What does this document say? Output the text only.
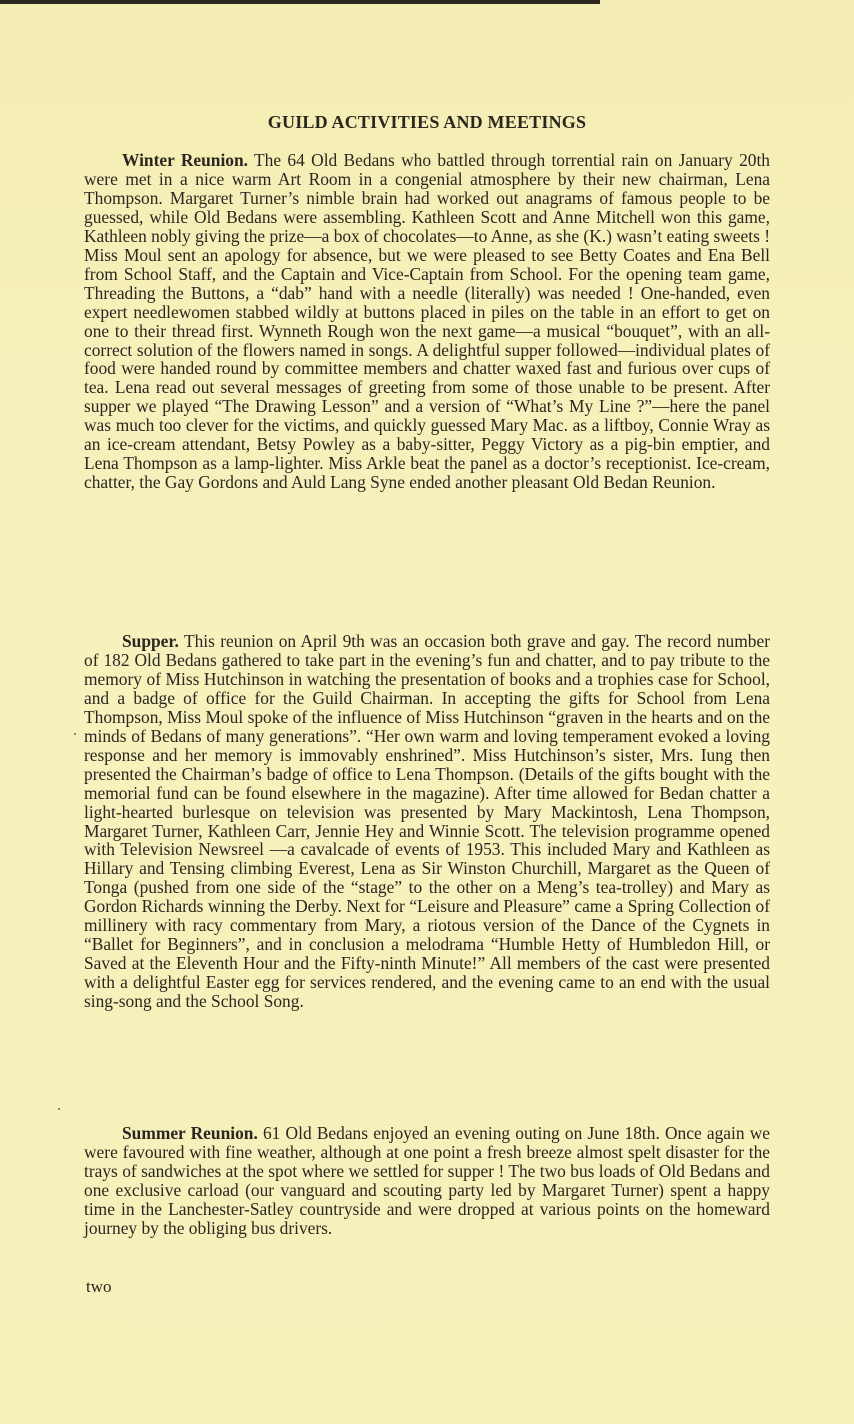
GUILD ACTIVITIES AND MEETINGS
Winter Reunion. The 64 Old Bedans who battled through torrential rain on January 20th were met in a nice warm Art Room in a congenial atmosphere by their new chairman, Lena Thompson. Margaret Turner’s nimble brain had worked out anagrams of famous people to be guessed, while Old Bedans were assembling. Kathleen Scott and Anne Mitchell won this game, Kathleen nobly giving the prize—a box of chocolates—to Anne, as she (K.) wasn’t eating sweets ! Miss Moul sent an apology for absence, but we were pleased to see Betty Coates and Ena Bell from School Staff, and the Captain and Vice-Captain from School. For the opening team game, Threading the Buttons, a “dab” hand with a needle (literally) was needed ! One-handed, even expert needlewomen stabbed wildly at buttons placed in piles on the table in an effort to get on one to their thread first. Wynneth Rough won the next game—a musical “bouquet”, with an all-correct solution of the flowers named in songs. A delightful supper followed—individual plates of food were handed round by committee members and chatter waxed fast and furious over cups of tea. Lena read out several messages of greeting from some of those unable to be present. After supper we played “The Drawing Lesson” and a version of “What’s My Line ?”—here the panel was much too clever for the victims, and quickly guessed Mary Mac. as a liftboy, Connie Wray as an ice-cream attendant, Betsy Powley as a baby-sitter, Peggy Victory as a pig-bin emptier, and Lena Thompson as a lamp-lighter. Miss Arkle beat the panel as a doctor’s receptionist. Ice-cream, chatter, the Gay Gordons and Auld Lang Syne ended another pleasant Old Bedan Reunion.
Supper. This reunion on April 9th was an occasion both grave and gay. The record number of 182 Old Bedans gathered to take part in the evening’s fun and chatter, and to pay tribute to the memory of Miss Hutchinson in watching the presentation of books and a trophies case for School, and a badge of office for the Guild Chairman. In accepting the gifts for School from Lena Thompson, Miss Moul spoke of the influence of Miss Hutchinson “graven in the hearts and on the minds of Bedans of many generations”. “Her own warm and loving temperament evoked a loving response and her memory is immovably enshrined”. Miss Hutchinson’s sister, Mrs. Iung then presented the Chairman’s badge of office to Lena Thompson. (Details of the gifts bought with the memorial fund can be found elsewhere in the magazine). After time allowed for Bedan chatter a light-hearted burlesque on television was presented by Mary Mackintosh, Lena Thompson, Margaret Turner, Kathleen Carr, Jennie Hey and Winnie Scott. The television programme opened with Television Newsreel —a cavalcade of events of 1953. This included Mary and Kathleen as Hillary and Tensing climbing Everest, Lena as Sir Winston Churchill, Margaret as the Queen of Tonga (pushed from one side of the “stage” to the other on a Meng’s tea-trolley) and Mary as Gordon Richards winning the Derby. Next for “Leisure and Pleasure” came a Spring Collection of millinery with racy commentary from Mary, a riotous version of the Dance of the Cygnets in “Ballet for Beginners”, and in conclusion a melodrama “Humble Hetty of Humbledon Hill, or Saved at the Eleventh Hour and the Fifty-ninth Minute!” All members of the cast were presented with a delightful Easter egg for services rendered, and the evening came to an end with the usual sing-song and the School Song.
Summer Reunion. 61 Old Bedans enjoyed an evening outing on June 18th. Once again we were favoured with fine weather, although at one point a fresh breeze almost spelt disaster for the trays of sandwiches at the spot where we settled for supper ! The two bus loads of Old Bedans and one exclusive carload (our vanguard and scouting party led by Margaret Turner) spent a happy time in the Lanchester-Satley countryside and were dropped at various points on the homeward journey by the obliging bus drivers.
two
